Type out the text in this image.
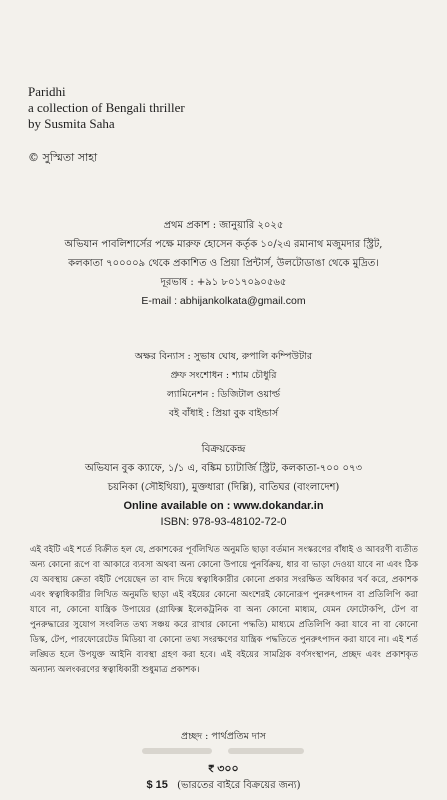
Paridhi
a collection of Bengali thriller
by Susmita Saha
© সুস্মিতা সাহা
প্রথম প্রকাশ : জানুয়ারি ২০২৫
অভিযান পাবলিশার্সের পক্ষে মারুফ হোসেন কর্তৃক ১০/২এ রমানাথ মজুমদার স্ট্রিট,
কলকাতা ৭০০০০৯ থেকে প্রকাশিত ও প্রিয়া প্রিন্টার্স, উলটোডাঙা থেকে মুদ্রিত।
দূরভাষ : +৯১ ৮০১৭০৯০৫৬৫
E-mail : abhijankolkata@gmail.com
অক্ষর বিন্যাস : সুভাষ ঘোষ, রুপালি কম্পিউটার
প্রুফ সংশোধন : শ্যাম চৌধুরি
ল্যামিনেশন : ডিজিটাল ওয়ার্ল্ড
বই বাঁধাই : প্রিয়া বুক বাইন্ডার্স
বিক্রয়কেন্দ্র
অভিযান বুক ক্যাফে, ১/১ এ, বঙ্কিম চ্যাটার্জি স্ট্রিট, কলকাতা-৭০০ ০৭৩
চয়নিকা (সৌইথিয়া), মুক্তধারা (দিল্লি), বাতিঘর (বাংলাদেশ)
Online available on : www.dokandar.in
ISBN: 978-93-48102-72-0
এই বইটি এই শর্তে বিক্রীত হল যে, প্রকাশকের পূর্বলিখিত অনুমতি ছাড়া বর্তমান সংস্করণের বাঁধাই ও আবরণী ব্যতীত অন্য কোনো রূপে বা আকারে ব্যবসা অথবা অন্য কোনো উপায়ে পুনর্বিক্রয়, ধার বা ভাড়া দেওয়া যাবে না এবং ঠিক যে অবস্থায় ক্রেতা বইটি পেয়েছেন তা বাদ দিয়ে স্বত্বাধিকারীর কোনো প্রকার সংরক্ষিত অধিকার খর্ব করে, প্রকাশক এবং স্বত্বাধিকারীর লিখিত অনুমতি ছাড়া এই বইয়ের কোনো অংশেরই কোনোরূপ পুনরুৎপাদন বা প্রতিলিপি করা যাবে না, কোনো যান্ত্রিক উপায়ের (গ্রাফিক্স ইলেকট্রনিক বা অন্য কোনো মাধ্যম, যেমন ফোটোকপি, টেপ বা পুনরুদ্ধারের সুযোগ সংবলিত তথ্য সঞ্চয় করে রাখার কোনো পদ্ধতি) মাধ্যমে প্রতিলিপি করা যাবে না বা কোনো ডিস্ক, টেপ, পারফোরেটেড মিডিয়া বা কোনো তথ্য সংরক্ষণের যান্ত্রিক পদ্ধতিতে পুনরুৎপাদন করা যাবে না। এই শর্ত লঙ্ঘিত হলে উপযুক্ত আইনি ব্যবস্থা গ্রহণ করা হবে। এই বইয়ের সামগ্রিক বর্ণসংস্থাপন, প্রচ্ছদ এবং প্রকাশকৃত অন্যান্য অলংকরণের স্বত্বাধিকারী শুধুমাত্র প্রকাশক।
প্রচ্ছদ : পার্থপ্রতিম দাস
₹ ৩০০
$ 15 (ভারতের বাইরে বিক্রয়ের জন্য)
